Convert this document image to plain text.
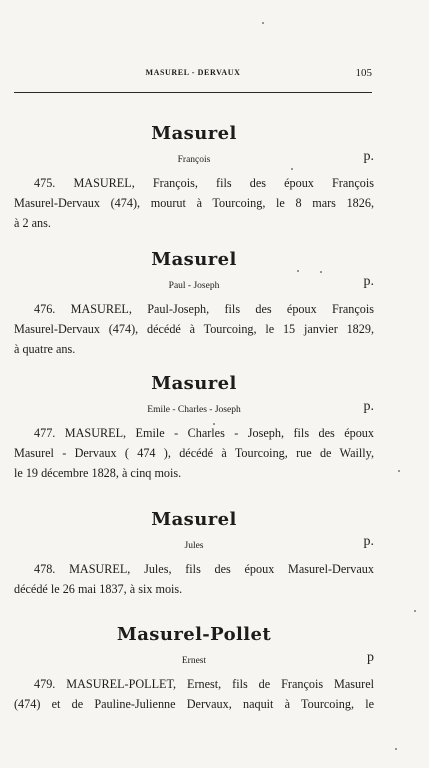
MASUREL - DERVAUX	105
Masurel
François	p.
475. MASUREL, François, fils des époux François
Masurel-Dervaux (474), mourut à Tourcoing, le 8 mars 1826,
à 2 ans.
Masurel
Paul - Joseph	p.
476. MASUREL, Paul-Joseph, fils des époux François
Masurel-Dervaux (474), décédé à Tourcoing, le 15 janvier 1829,
à quatre ans.
Masurel
Emile - Charles - Joseph	p.
477. MASUREL, Emile - Charles - Joseph, fils des époux
Masurel - Dervaux ( 474 ), décédé à Tourcoing, rue de Wailly,
le 19 décembre 1828, à cinq mois.
Masurel
Jules	p.
478. MASUREL, Jules, fils des époux Masurel-Dervaux
décédé le 26 mai 1837, à six mois.
Masurel-Pollet
Ernest	p
479. MASUREL-POLLET, Ernest, fils de François Masurel
(474) et de Pauline-Julienne Dervaux, naquit à Tourcoing, le
